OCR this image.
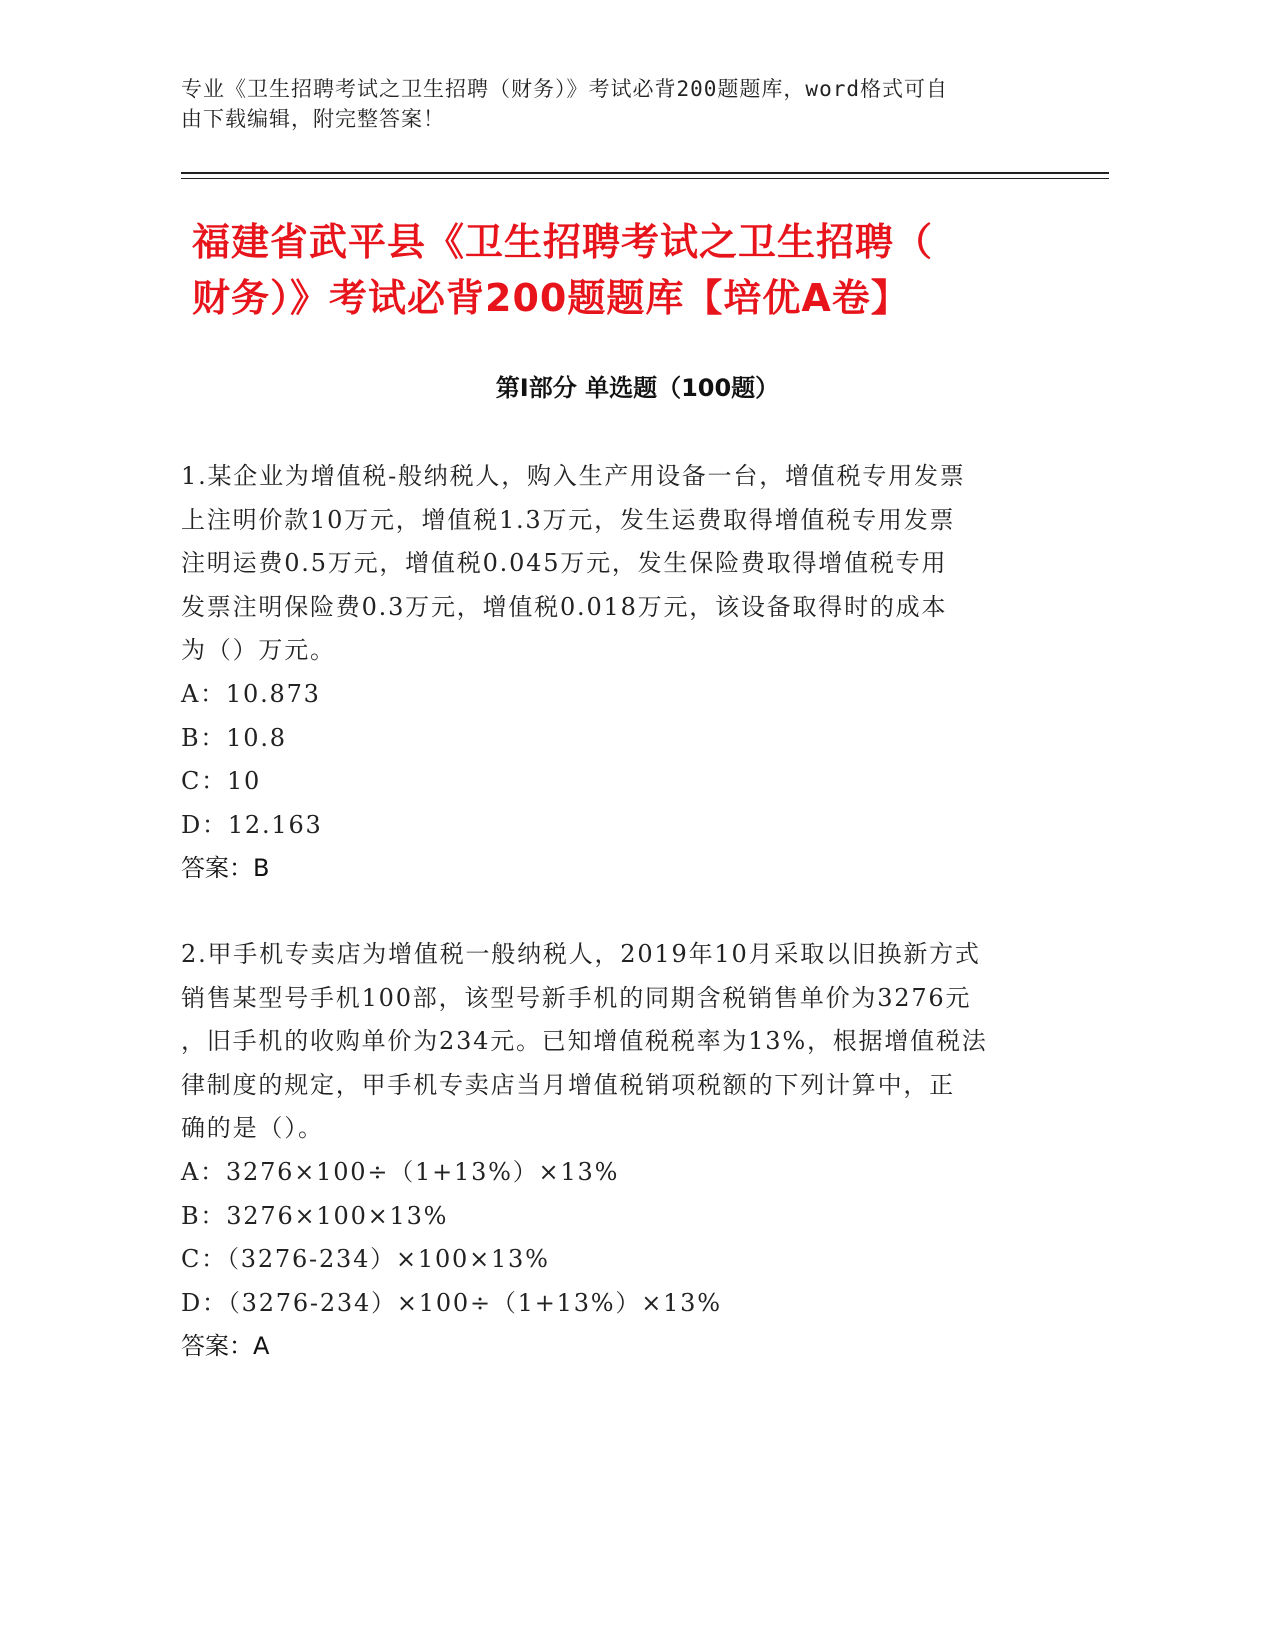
专业《卫生招聘考试之卫生招聘（财务）》考试必背200题题库，word格式可自

由下载编辑，附完整答案！

福建省武平县《卫生招聘考试之卫生招聘（

财务）》考试必背200题题库【培优A卷】

第Ⅰ部分 单选题（100题）
1.某企业为增值税-般纳税人，购入生产用设备一台，增值税专用发票
上注明价款10万元，增值税1.3万元，发生运费取得增值税专用发票
注明运费0.5万元，增值税0.045万元，发生保险费取得增值税专用
发票注明保险费0.3万元，增值税0.018万元，该设备取得时的成本
为（）万元。
A：10.873
B：10.8
C：10
D：12.163
答案：B
2.甲手机专卖店为增值税一般纳税人，2019年10月采取以旧换新方式
销售某型号手机100部，该型号新手机的同期含税销售单价为3276元
，旧手机的收购单价为234元。已知增值税税率为13%，根据增值税法
律制度的规定，甲手机专卖店当月增值税销项税额的下列计算中，正
确的是（）。
A：3276×100÷（1+13%）×13%
B：3276×100×13%
C：（3276-234）×100×13%
D：（3276-234）×100÷（1+13%）×13%
答案：A
